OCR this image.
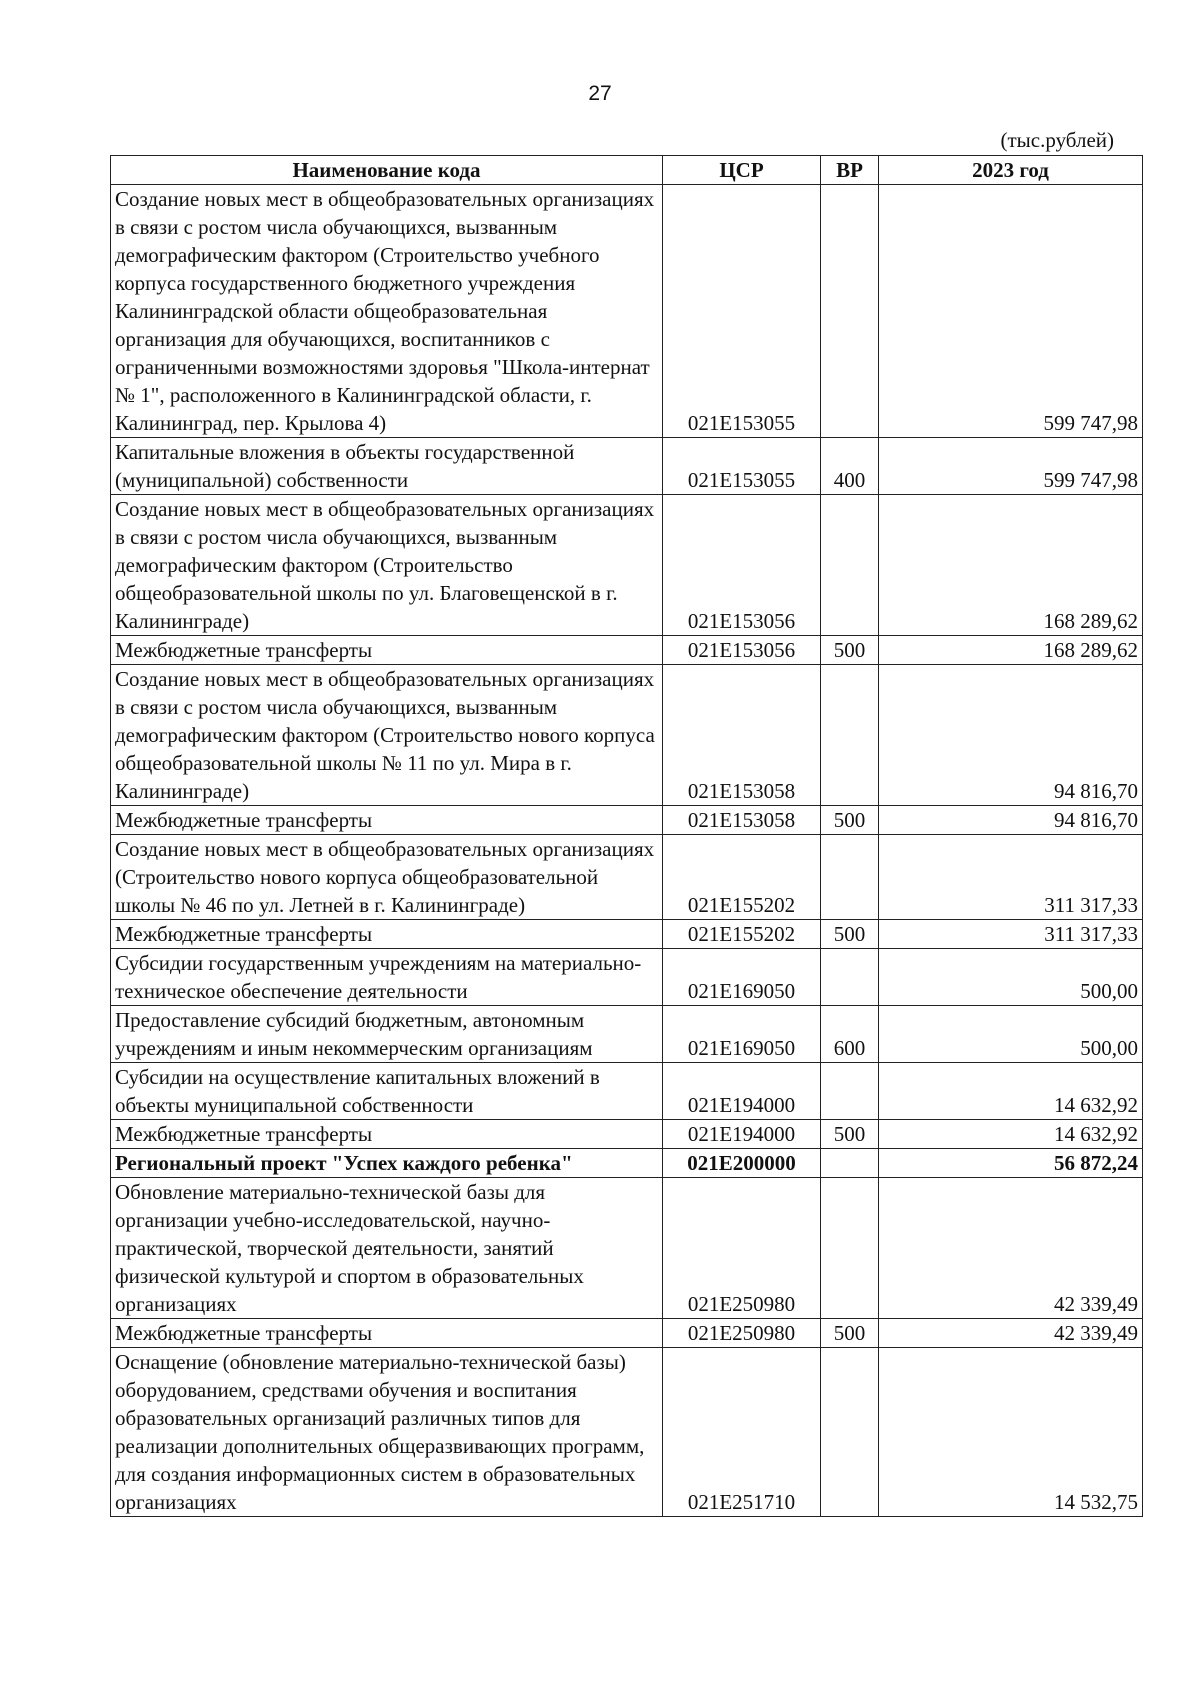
27
(тыс.рублей)
Наименование кода	ЦСР	ВР	2023 год
Создание новых мест в общеобразовательных организациях в связи с ростом числа обучающихся, вызванным демографическим фактором (Строительство учебного корпуса государственного бюджетного учреждения Калининградской области общеобразовательная организация для обучающихся, воспитанников с ограниченными возможностями здоровья "Школа-интернат № 1", расположенного в Калининградской области, г. Калининград, пер. Крылова 4)	021E153055		599 747,98
Капитальные вложения в объекты государственной (муниципальной) собственности	021E153055	400	599 747,98
Создание новых мест в общеобразовательных организациях в связи с ростом числа обучающихся, вызванным демографическим фактором (Строительство общеобразовательной школы по ул. Благовещенской в г. Калининграде)	021E153056		168 289,62
Межбюджетные трансферты	021E153056	500	168 289,62
Создание новых мест в общеобразовательных организациях в связи с ростом числа обучающихся, вызванным демографическим фактором (Строительство нового корпуса общеобразовательной школы № 11 по ул. Мира в г. Калининграде)	021E153058		94 816,70
Межбюджетные трансферты	021E153058	500	94 816,70
Создание новых мест в общеобразовательных организациях (Строительство нового корпуса общеобразовательной школы № 46 по ул. Летней в г. Калининграде)	021E155202		311 317,33
Межбюджетные трансферты	021E155202	500	311 317,33
Субсидии государственным учреждениям на материально-техническое обеспечение деятельности	021E169050		500,00
Предоставление субсидий бюджетным, автономным учреждениям и иным некоммерческим организациям	021E169050	600	500,00
Субсидии на осуществление капитальных вложений в объекты муниципальной собственности	021E194000		14 632,92
Межбюджетные трансферты	021E194000	500	14 632,92
Региональный проект "Успех каждого ребенка"	021E200000		56 872,24
Обновление материально-технической базы для организации учебно-исследовательской, научно-практической, творческой деятельности, занятий физической культурой и спортом в образовательных организациях	021E250980		42 339,49
Межбюджетные трансферты	021E250980	500	42 339,49
Оснащение (обновление материально-технической базы) оборудованием, средствами обучения и воспитания образовательных организаций различных типов для реализации дополнительных общеразвивающих программ, для создания информационных систем в образовательных организациях	021E251710		14 532,75
